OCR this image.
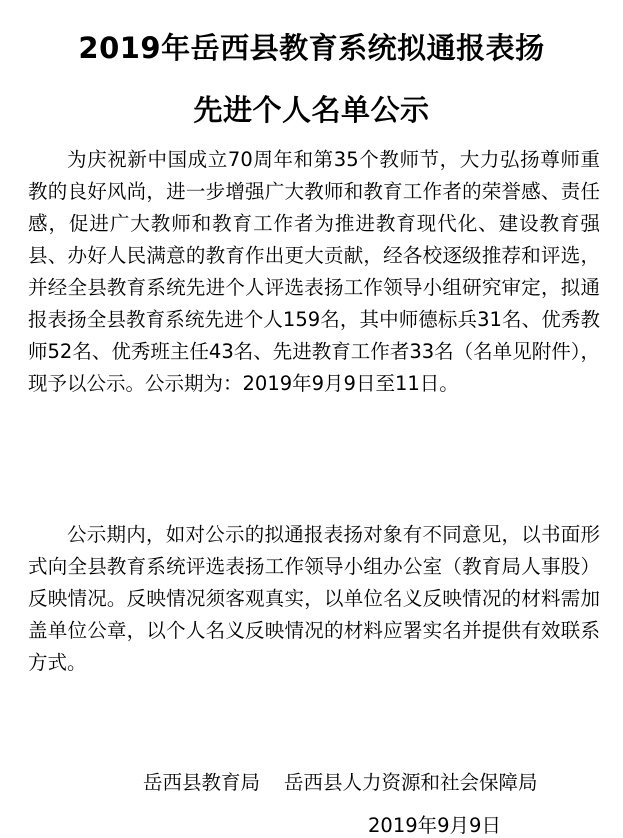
2019年岳西县教育系统拟通报表扬
先进个人名单公示
为庆祝新中国成立70周年和第35个教师节，大力弘扬尊师重教的良好风尚，进一步增强广大教师和教育工作者的荣誉感、责任感，促进广大教师和教育工作者为推进教育现代化、建设教育强县、办好人民满意的教育作出更大贡献，经各校逐级推荐和评选，并经全县教育系统先进个人评选表扬工作领导小组研究审定，拟通报表扬全县教育系统先进个人159名，其中师德标兵31名、优秀教师52名、优秀班主任43名、先进教育工作者33名（名单见附件），现予以公示。公示期为：2019年9月9日至11日。
公示期内，如对公示的拟通报表扬对象有不同意见，以书面形式向全县教育系统评选表扬工作领导小组办公室（教育局人事股）反映情况。反映情况须客观真实，以单位名义反映情况的材料需加盖单位公章，以个人名义反映情况的材料应署实名并提供有效联系方式。
岳西县教育局 岳西县人力资源和社会保障局
2019年9月9日
